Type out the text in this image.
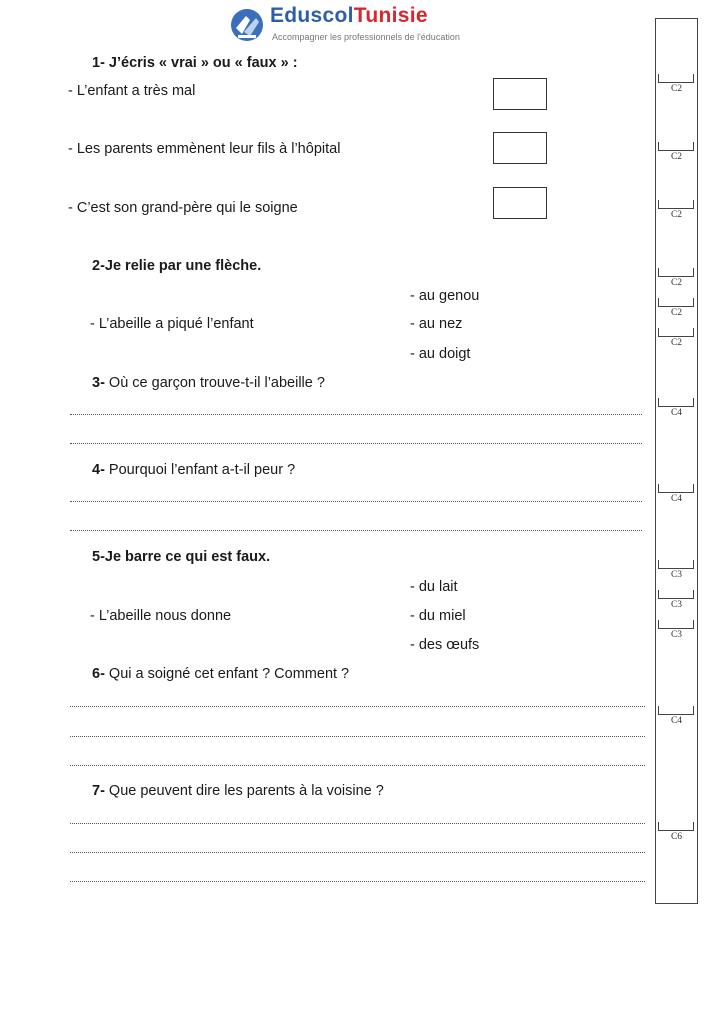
EduscolTunisie
Accompagner les professionnels de l'éducation
1- J’écris « vrai » ou « faux » :
- L’enfant a très mal
- Les parents emmènent leur fils à l’hôpital
- C’est son grand-père qui le soigne
2-Je relie par une flèche.
- L’abeille a piqué l’enfant
- au genou
- au nez
- au doigt
3- Où ce garçon trouve-t-il l’abeille ?
4- Pourquoi l’enfant a-t-il peur ?
5-Je barre ce qui est faux.
- L’abeille nous donne
- du lait
- du miel
- des œufs
6- Qui a soigné cet enfant ? Comment ?
7- Que peuvent dire les parents à la voisine ?
C2
C2
C2
C2
C2
C2
C4
C4
C3
C3
C3
C4
C6
